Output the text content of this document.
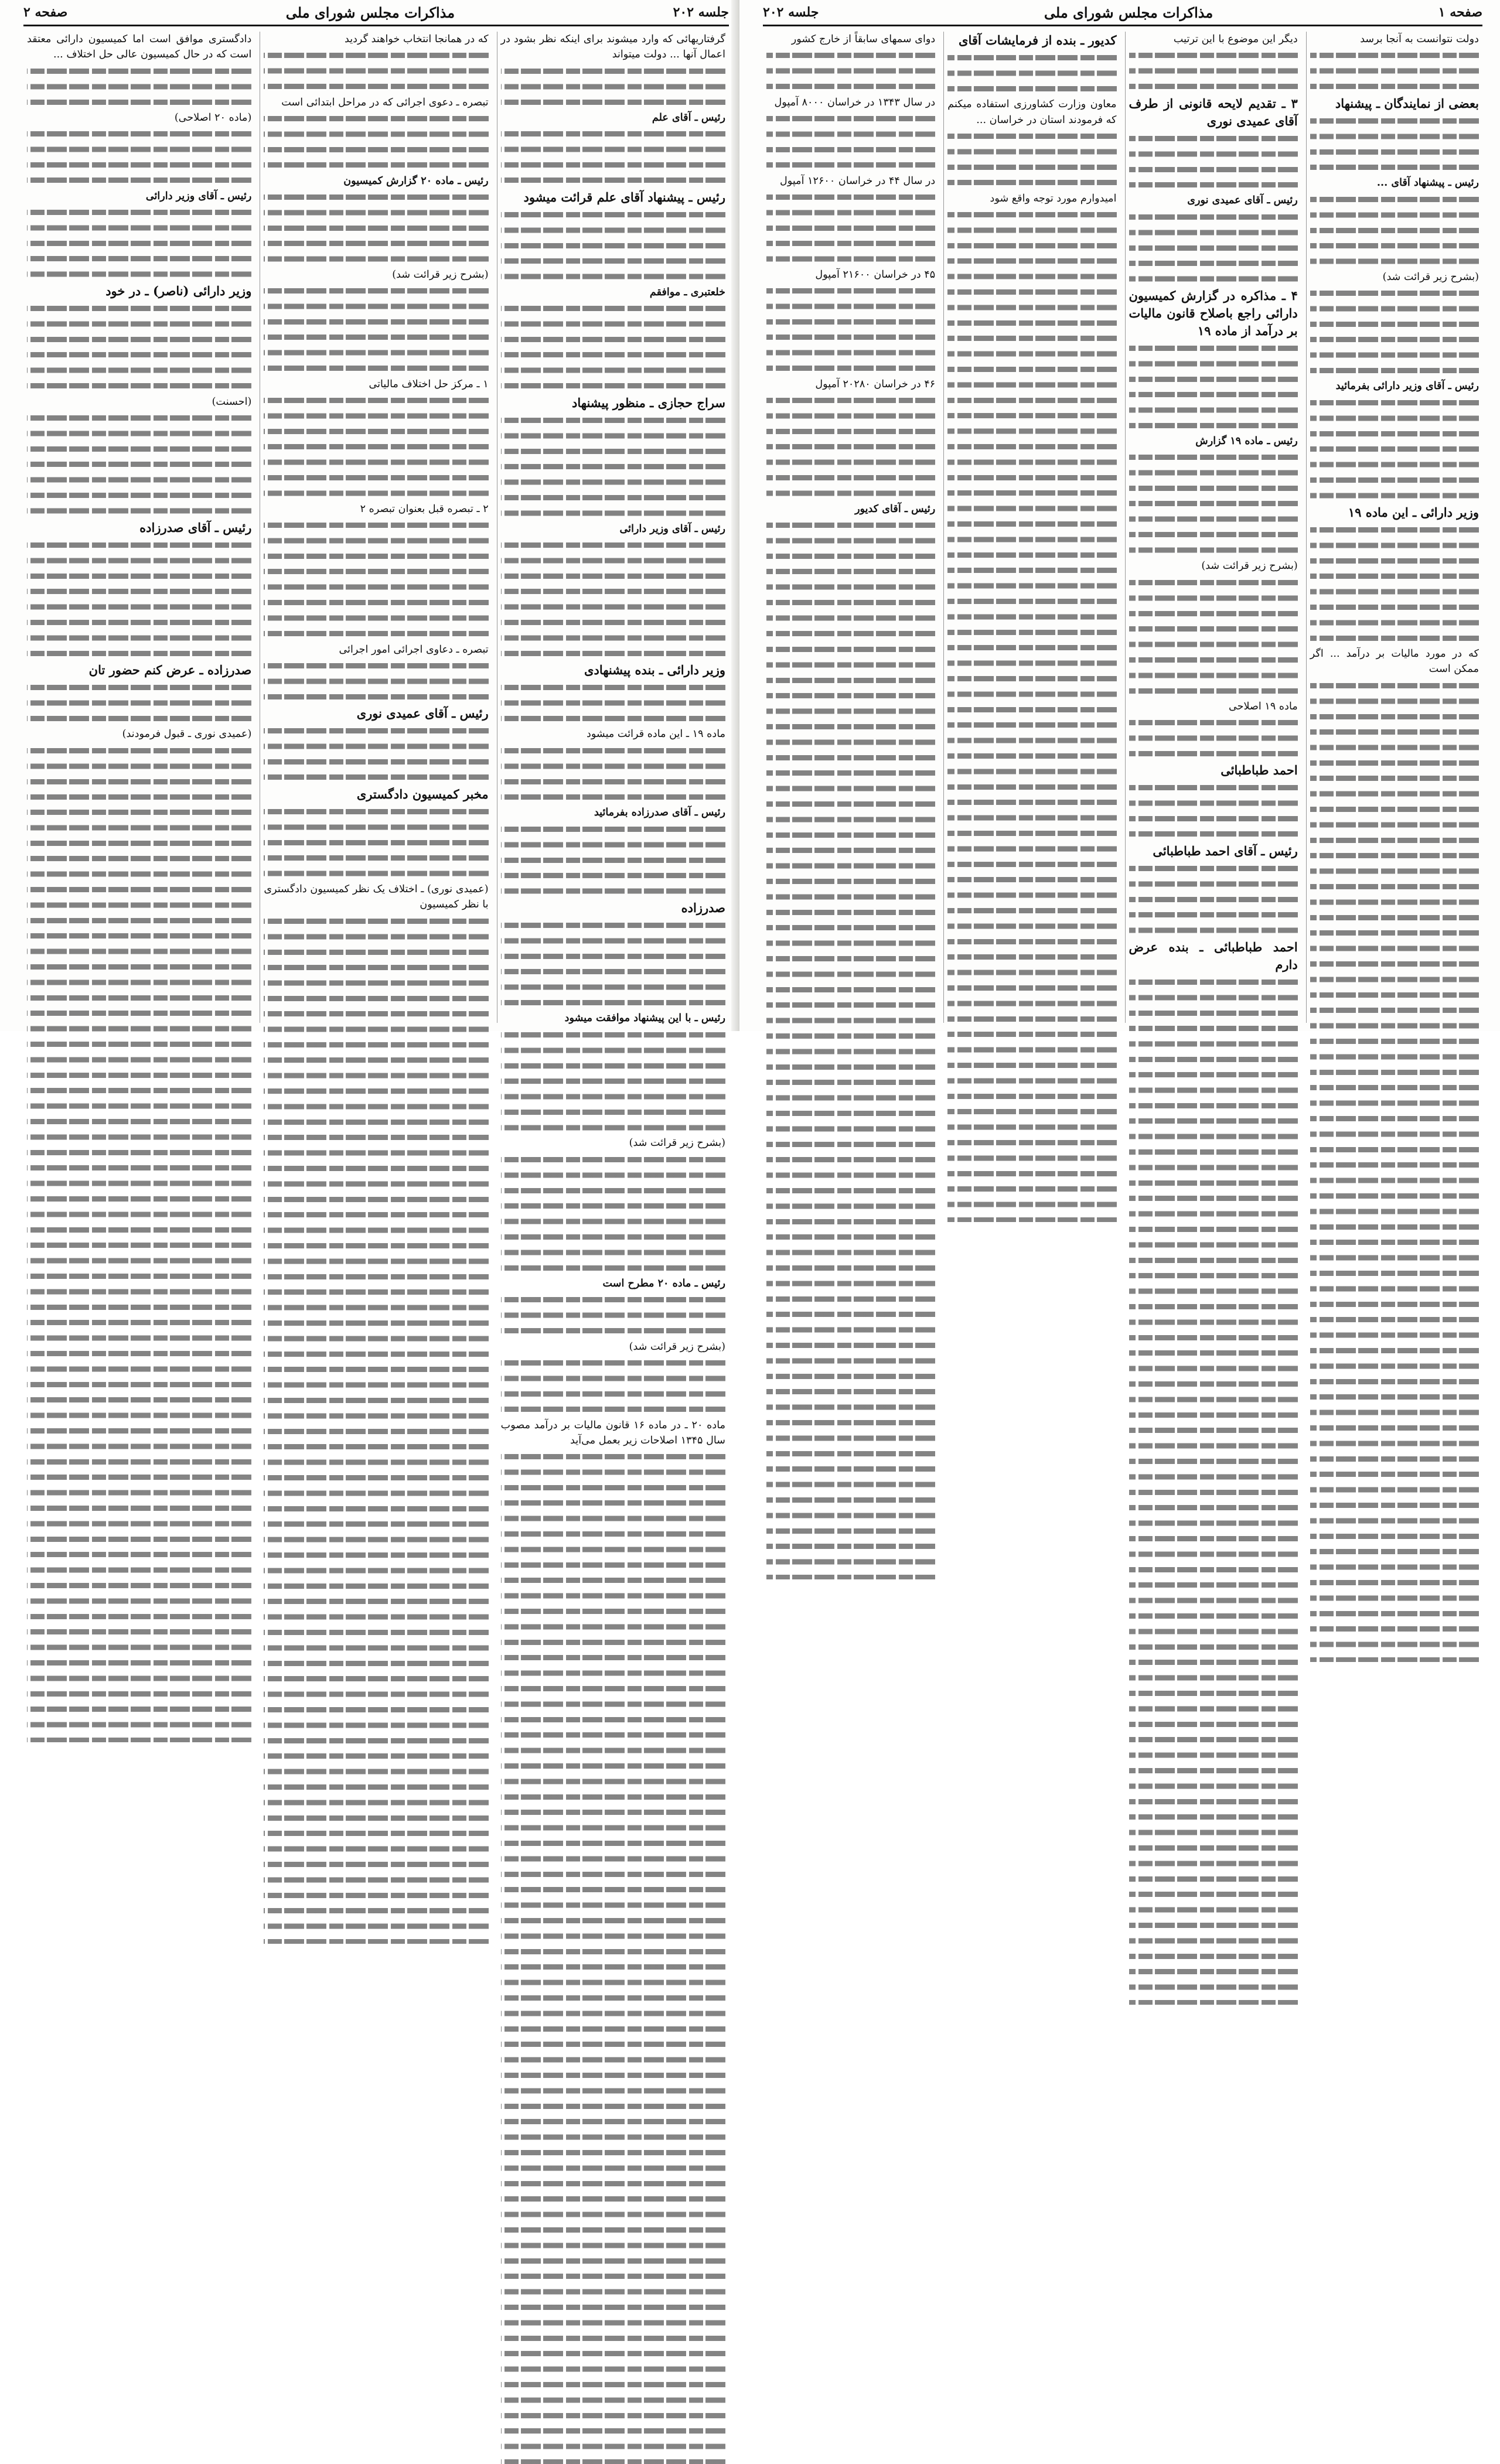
جلسه ۲۰۲
مذاکرات مجلس شورای ملی
صفحه ۲

گرفتاریهائی که وارد میشوند برای اینکه نظر بشود در اعمال آنها ... دولت میتواند

رئیس ـ آقای علم

رئیس ـ پیشنهاد آقای علم قرائت میشود

خلعتبری ـ موافقم

سراج حجازی ـ منظور پیشنهاد

رئیس ـ آقای وزیر دارائی

وزیر دارائی ـ بنده پیشنهادی

ماده ۱۹ ـ این ماده قرائت میشود

رئیس ـ آقای صدرزاده بفرمائید

صدرزاده

رئیس ـ با این پیشنهاد موافقت میشود

(بشرح زیر قرائت شد)

رئیس ـ ماده ۲۰ مطرح است

(بشرح زیر قرائت شد)

ماده ۲۰ ـ در ماده ۱۶ قانون مالیات بر درآمد مصوب سال ۱۳۴۵ اصلاحات زیر بعمل می‌آید

که در همانجا انتخاب خواهند گردید

تبصره ـ دعوی اجرائی که در مراحل ابتدائی است

رئیس ـ ماده ۲۰ گزارش کمیسیون

(بشرح زیر قرائت شد)

۱ ـ مرکز حل اختلاف مالیاتی

۲ ـ تبصره قبل بعنوان تبصره ۲

تبصره ـ دعاوی اجرائی امور اجرائی

رئیس ـ آقای عمیدی نوری

مخبر کمیسیون دادگستری

(عمیدی نوری) ـ اختلاف یک نظر کمیسیون دادگستری با نظر کمیسیون

دادگستری موافق است اما کمیسیون دارائی معتقد است که در حال کمیسیون عالی حل اختلاف ...

(ماده ۲۰ اصلاحی)

رئیس ـ آقای وزیر دارائی

وزیر دارائی (ناصر) ـ در خود

(احسنت)

رئیس ـ آقای صدرزاده

صدرزاده ـ عرض کنم حضور تان

(عمیدی نوری ـ قبول فرمودند)

صفحه ۱
مذاکرات مجلس شورای ملی
جلسه ۲۰۲

دولت نتوانست به آنجا برسد

بعضی از نمایندگان ـ پیشنهاد

رئیس ـ پیشنهاد آقای ...

(بشرح زیر قرائت شد)

رئیس ـ آقای وزیر دارائی بفرمائید

وزیر دارائی ـ این ماده ۱۹

که در مورد مالیات بر درآمد ... اگر ممکن است

دیگر این موضوع با این ترتیب

۳ ـ تقدیم لایحه قانونی از طرف آقای عمیدی نوری

رئیس ـ آقای عمیدی نوری

۴ ـ مذاکره در گزارش کمیسیون دارائی راجع باصلاح قانون مالیات بر درآمد از ماده ۱۹

رئیس ـ ماده ۱۹ گزارش

(بشرح زیر قرائت شد)

ماده ۱۹ اصلاحی

احمد طباطبائی

رئیس ـ آقای احمد طباطبائی

احمد طباطبائی ـ بنده عرض دارم

کدیور ـ بنده از فرمایشات آقای

معاون وزارت کشاورزی استفاده میکنم که فرمودند استان در خراسان ...

امیدوارم مورد توجه واقع شود

دوای سمهای سابقاً از خارج کشور

در سال ۱۳۴۳ در خراسان ۸۰۰۰ آمپول

در سال ۴۴ در خراسان ۱۲۶۰۰ آمپول

۴۵ در خراسان ۲۱۶۰۰ آمپول

۴۶ در خراسان ۲۰۲۸۰ آمپول

رئیس ـ آقای کدیور
